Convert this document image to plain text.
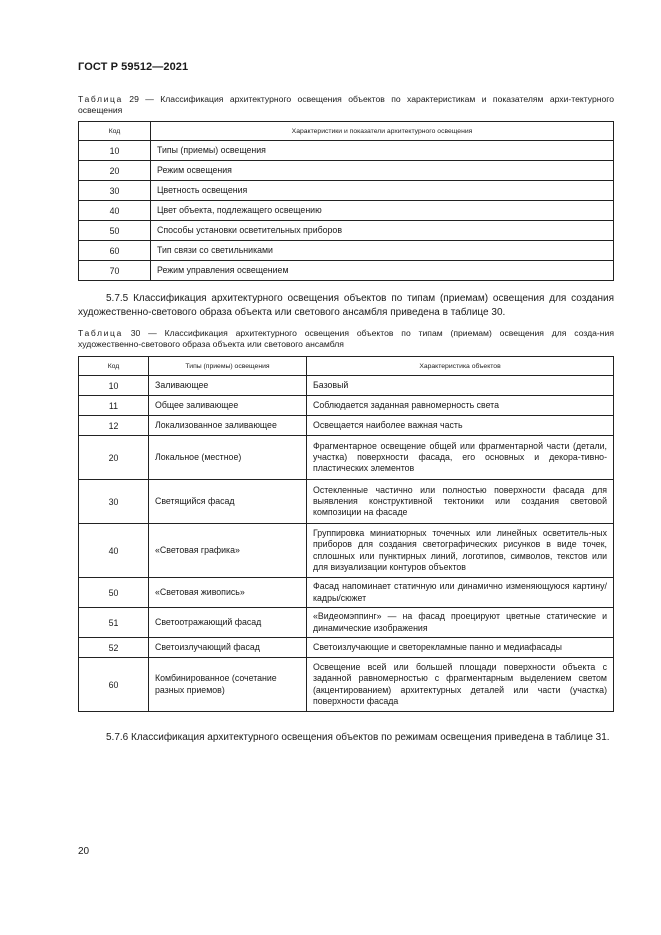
ГОСТ Р 59512—2021
Таблица 29 — Классификация архитектурного освещения объектов по характеристикам и показателям архи-тектурного освещения
Код	Характеристики и показатели архитектурного освещения
10	Типы (приемы) освещения
20	Режим освещения
30	Цветность освещения
40	Цвет объекта, подлежащего освещению
50	Способы установки осветительных приборов
60	Тип связи со светильниками
70	Режим управления освещением
5.7.5 Классификация архитектурного освещения объектов по типам (приемам) освещения для создания художественно-светового образа объекта или светового ансамбля приведена в таблице 30.
Таблица 30 — Классификация архитектурного освещения объектов по типам (приемам) освещения для созда-ния художественно-светового образа объекта или светового ансамбля
Код	Типы (приемы) освещения	Характеристика объектов
10	Заливающее	Базовый
11	Общее заливающее	Соблюдается заданная равномерность света
12	Локализованное заливающее	Освещается наиболее важная часть
20	Локальное (местное)	Фрагментарное освещение общей или фрагментарной части (детали, участка) поверхности фасада, его основных и декора-тивно-пластических элементов
30	Светящийся фасад	Остекленные частично или полностью поверхности фасада для выявления конструктивной тектоники или создания световой композиции на фасаде
40	«Световая графика»	Группировка миниатюрных точечных или линейных осветитель-ных приборов для создания светографических рисунков в виде точек, сплошных или пунктирных линий, логотипов, символов, текстов или для визуализации контуров объектов
50	«Световая живопись»	Фасад напоминает статичную или динамично изменяющуюся картину/кадры/сюжет
51	Светоотражающий фасад	«Видеомэппинг» — на фасад проецируют цветные статические и динамические изображения
52	Светоизлучающий фасад	Светоизлучающие и светорекламные панно и медиафасады
60	Комбинированное (сочетание разных приемов)	Освещение всей или большей площади поверхности объекта с заданной равномерностью с фрагментарным выделением светом (акцентированием) архитектурных деталей или части (участка) поверхности фасада
5.7.6 Классификация архитектурного освещения объектов по режимам освещения приведена в таблице 31.
20
